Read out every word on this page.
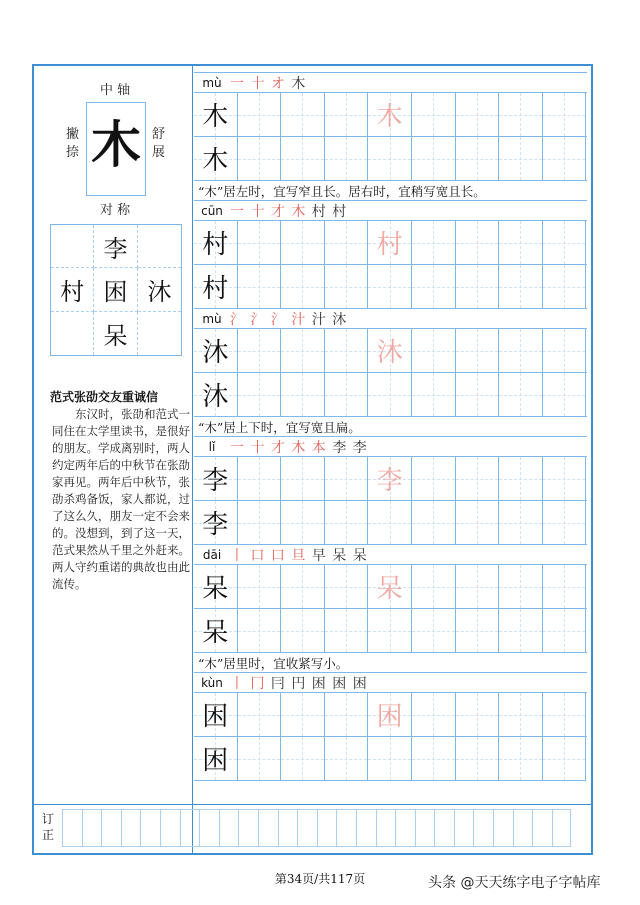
中 轴
撇 捺
舒 展
对 称
木
李
村 困 沐
呆
范式张劭交友重诚信
东汉时，张劭和范式一同住在太学里读书，是很好的朋友。学成离别时，两人约定两年后的中秋节在张劭家再见。两年后中秋节，张劭杀鸡备饭，家人都说，过了这么久，朋友一定不会来的。没想到，到了这一天，范式果然从千里之外赶来。两人守约重诺的典故也由此流传。
mù 一 十 オ 木
木	木
木
“木”居左时，宜写窄且长。居右时，宜稍写宽且长。
cūn 一 十 才 木 村 村
村	村
村
mù 氵 氵 氵 汁 汁 沐
沐	沐
沐
“木”居上下时，宜写宽且扁。
lǐ	一 十 才 木 本 李 李
李	李
李
dāi 丨 口 口 旦 早 呆 呆
呆	呆
呆
“木”居里时，宜收紧写小。
kùn 丨 冂 冃 円 困 困 困
困	困
困
订正
第34页/共117页	头条 @天天练字电子字帖库
